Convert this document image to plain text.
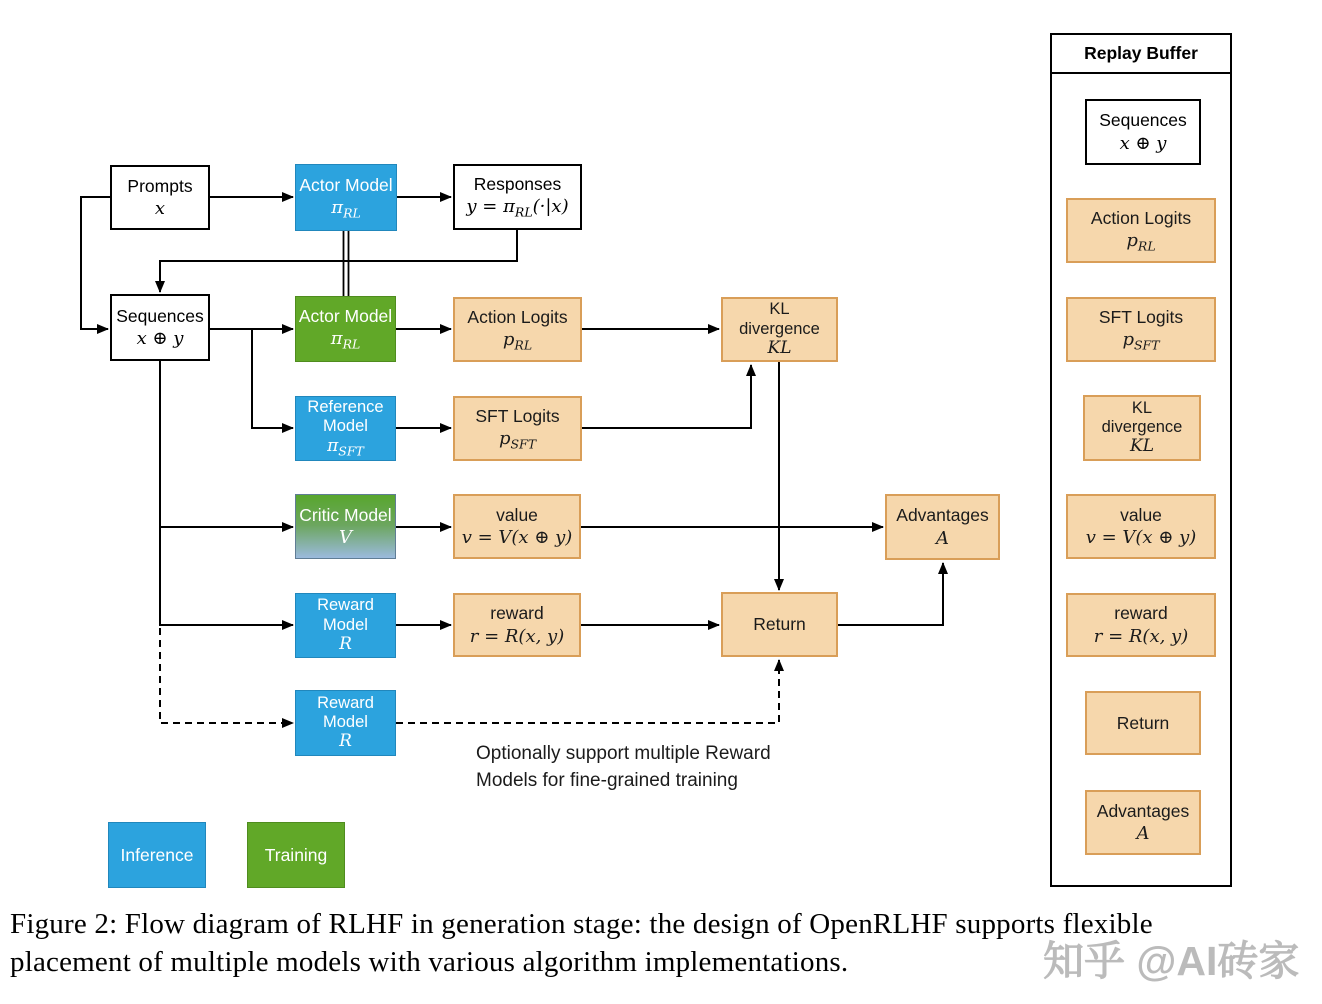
Prompts
x
Actor Model
$\pi_{RL}$
Responses
$y = \pi_{RL}(\cdot|x)$
Sequences
x ⊕ y
Actor Model
$\pi_{RL}$
Action Logits
$p_{RL}$
KL divergence
KL
Reference Model
$\pi_{SFT}$
SFT Logits
$p_{SFT}$
Critic Model
V
value
v = V(x ⊕ y)
Advantages
A
Reward Model
R
reward
r = R(x, y)
Return
Reward Model
R
Optionally support multiple Reward
Models for fine-grained training
Inference	Training
Replay Buffer
Sequences
x ⊕ y
Action Logits
$p_{RL}$
SFT Logits
$p_{SFT}$
KL divergence
KL
value
v = V(x ⊕ y)
reward
r = R(x, y)
Return
Advantages
A
Figure 2: Flow diagram of RLHF in generation stage: the design of OpenRLHF supports flexible
placement of multiple models with various algorithm implementations.	知乎 @AI砖家
